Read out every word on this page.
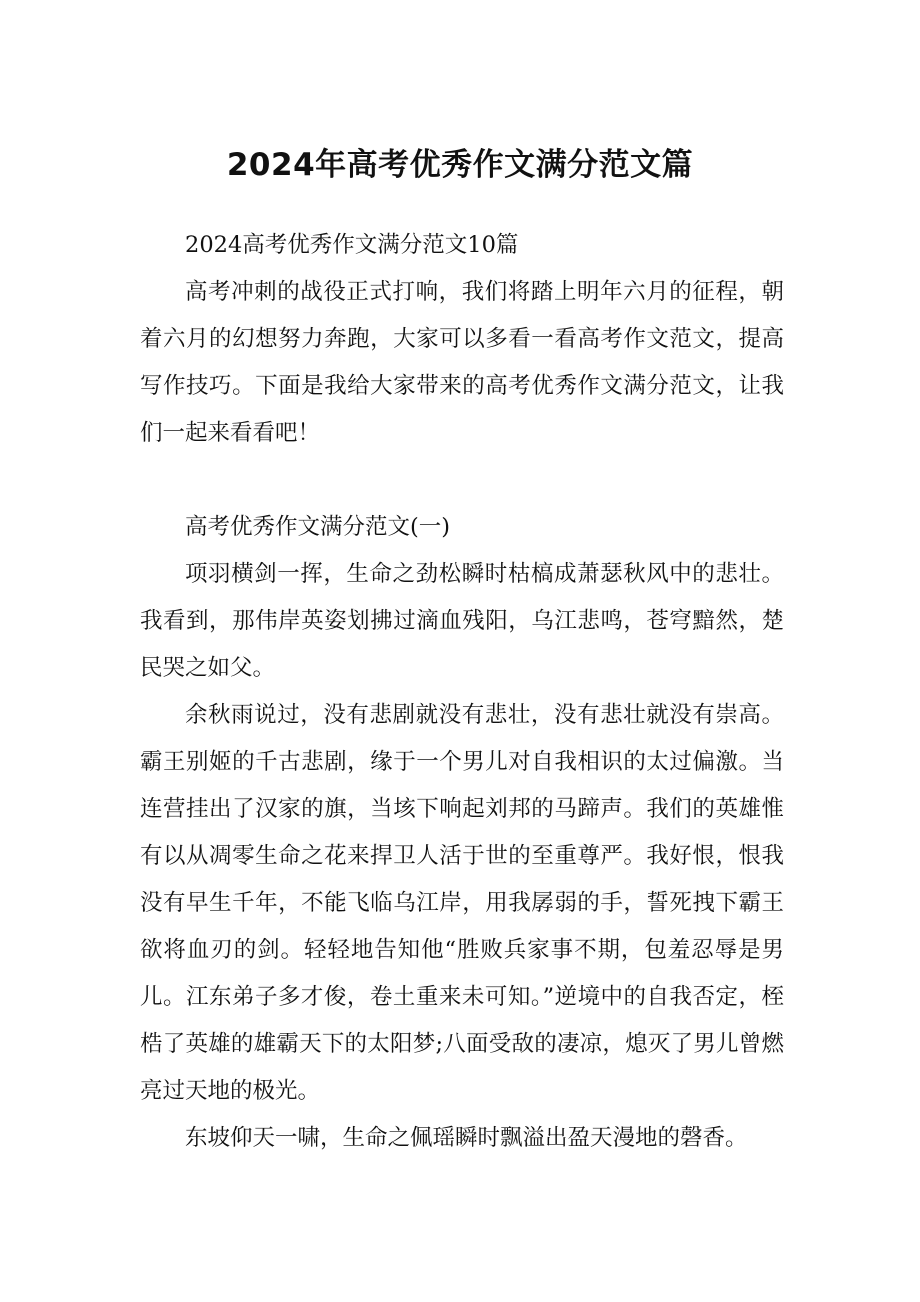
2024年高考优秀作文满分范文篇

2024高考优秀作文满分范文10篇

高考冲刺的战役正式打响，我们将踏上明年六月的征程，朝着六月的幻想努力奔跑，大家可以多看一看高考作文范文，提高写作技巧。下面是我给大家带来的高考优秀作文满分范文，让我们一起来看看吧！

高考优秀作文满分范文(一)

项羽横剑一挥，生命之劲松瞬时枯槁成萧瑟秋风中的悲壮。我看到，那伟岸英姿划拂过滴血残阳，乌江悲鸣，苍穹黯然，楚民哭之如父。

余秋雨说过，没有悲剧就没有悲壮，没有悲壮就没有崇高。霸王别姬的千古悲剧，缘于一个男儿对自我相识的太过偏激。当连营挂出了汉家的旗，当垓下响起刘邦的马蹄声。我们的英雄惟有以从凋零生命之花来捍卫人活于世的至重尊严。我好恨，恨我没有早生千年，不能飞临乌江岸，用我孱弱的手，誓死拽下霸王欲将血刃的剑。轻轻地告知他“胜败兵家事不期，包羞忍辱是男儿。江东弟子多才俊，卷土重来未可知。”逆境中的自我否定，桎梏了英雄的雄霸天下的太阳梦;八面受敌的凄凉，熄灭了男儿曾燃亮过天地的极光。

东坡仰天一啸，生命之佩瑶瞬时飘溢出盈天漫地的磬香。
